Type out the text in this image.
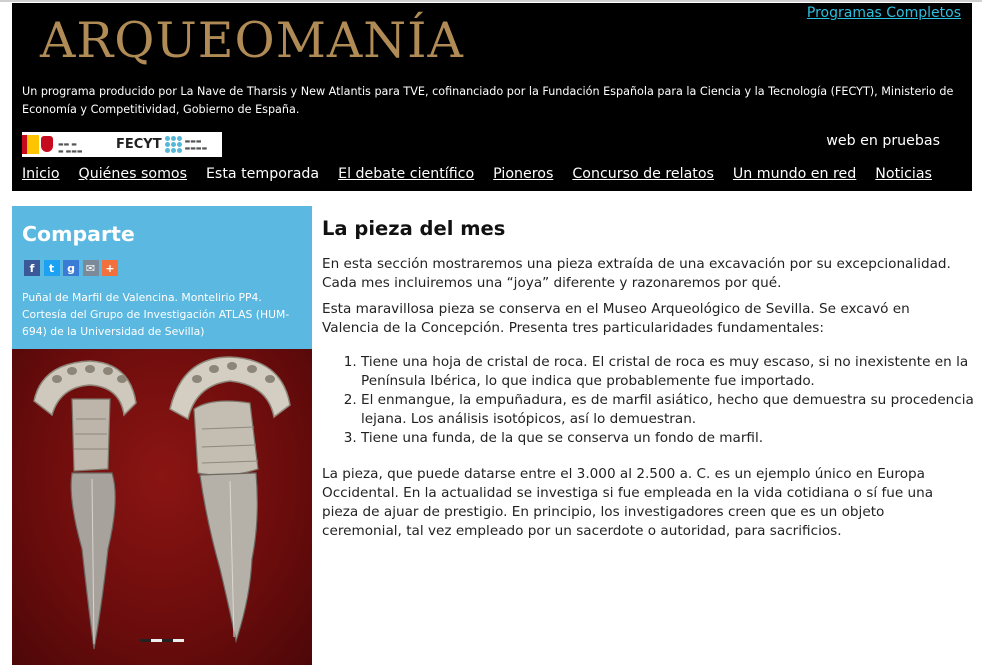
Programas Completos
ARQUEOMANÍA
Un programa producido por La Nave de Tharsis y New Atlantis para TVE, cofinanciado por la Fundación Española para la Ciencia y la Tecnología (FECYT), Ministerio de Economía y Competitividad, Gobierno de España.
▬▬ ▬
▬ ▬▬▬	FECYT	▬▬▬
▬▬▬▬	web en pruebas
Inicio Quiénes somos Esta temporada El debate científico Pioneros Concurso de relatos Un mundo en red Noticias
Comparte
f	t	g ✉ +
Puñal de Marfil de Valencina. Montelirio PP4. Cortesía del Grupo de Investigación ATLAS (HUM-694) de la Universidad de Sevilla)
La pieza del mes

En esta sección mostraremos una pieza extraída de una excavación por su excepcionalidad. Cada mes incluiremos una “joya” diferente y razonaremos por qué.

Esta maravillosa pieza se conserva en el Museo Arqueológico de Sevilla. Se excavó en Valencia de la Concepción. Presenta tres particularidades fundamentales:

1. Tiene una hoja de cristal de roca. El cristal de roca es muy escaso, si no inexistente en la Península Ibérica, lo que indica que probablemente fue importado.
2. El enmangue, la empuñadura, es de marfil asiático, hecho que demuestra su procedencia lejana. Los análisis isotópicos, así lo demuestran.
3. Tiene una funda, de la que se conserva un fondo de marfil.

La pieza, que puede datarse entre el 3.000 al 2.500 a. C. es un ejemplo único en Europa Occidental. En la actualidad se investiga si fue empleada en la vida cotidiana o sí fue una pieza de ajuar de prestigio. En principio, los investigadores creen que es un objeto ceremonial, tal vez empleado por un sacerdote o autoridad, para sacrificios.
